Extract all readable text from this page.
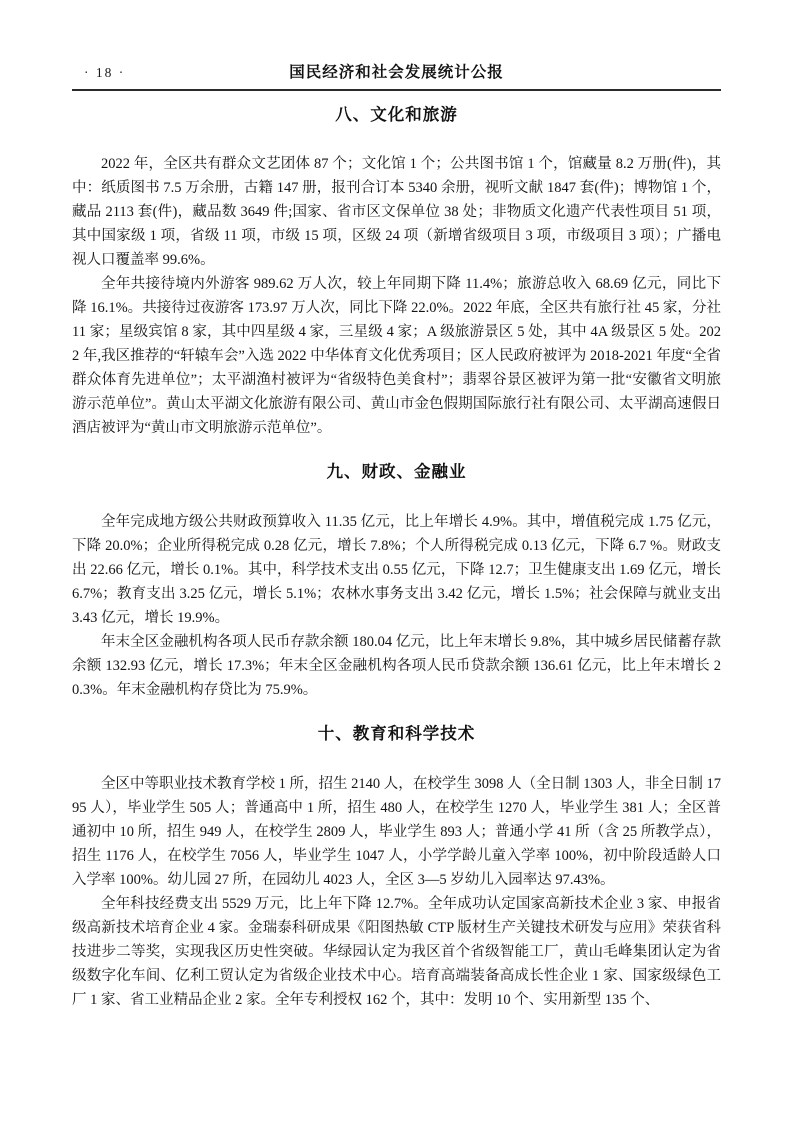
· 18 ·	国民经济和社会发展统计公报
八、文化和旅游

2022 年，全区共有群众文艺团体 87 个；文化馆 1 个；公共图书馆 1 个，馆藏量 8.2 万册(件)，其中：纸质图书 7.5 万余册，古籍 147 册，报刊合订本 5340 余册，视听文献 1847 套(件)；博物馆 1 个，藏品 2113 套(件)，藏品数 3649 件;国家、省市区文保单位 38 处；非物质文化遗产代表性项目 51 项，其中国家级 1 项，省级 11 项，市级 15 项，区级 24 项（新增省级项目 3 项，市级项目 3 项）；广播电视人口覆盖率 99.6%。

全年共接待境内外游客 989.62 万人次，较上年同期下降 11.4%；旅游总收入 68.69 亿元，同比下降 16.1%。共接待过夜游客 173.97 万人次，同比下降 22.0%。2022 年底，全区共有旅行社 45 家，分社 11 家；星级宾馆 8 家，其中四星级 4 家，三星级 4 家；A 级旅游景区 5 处，其中 4A 级景区 5 处。2022 年,我区推荐的“轩辕车会”入选 2022 中华体育文化优秀项目；区人民政府被评为 2018-2021 年度“全省群众体育先进单位”；太平湖渔村被评为“省级特色美食村”；翡翠谷景区被评为第一批“安徽省文明旅游示范单位”。黄山太平湖文化旅游有限公司、黄山市金色假期国际旅行社有限公司、太平湖高速假日酒店被评为“黄山市文明旅游示范单位”。

九、财政、金融业

全年完成地方级公共财政预算收入 11.35 亿元，比上年增长 4.9%。其中，增值税完成 1.75 亿元，下降 20.0%；企业所得税完成 0.28 亿元，增长 7.8%；个人所得税完成 0.13 亿元，下降 6.7 %。财政支出 22.66 亿元，增长 0.1%。其中，科学技术支出 0.55 亿元，下降 12.7；卫生健康支出 1.69 亿元，增长 6.7%；教育支出 3.25 亿元，增长 5.1%；农林水事务支出 3.42 亿元，增长 1.5%；社会保障与就业支出 3.43 亿元，增长 19.9%。

年末全区金融机构各项人民币存款余额 180.04 亿元，比上年末增长 9.8%，其中城乡居民储蓄存款余额 132.93 亿元，增长 17.3%；年末全区金融机构各项人民币贷款余额 136.61 亿元，比上年末增长 20.3%。年末金融机构存贷比为 75.9%。

十、教育和科学技术

全区中等职业技术教育学校 1 所，招生 2140 人，在校学生 3098 人（全日制 1303 人，非全日制 1795 人），毕业学生 505 人；普通高中 1 所，招生 480 人，在校学生 1270 人，毕业学生 381 人；全区普通初中 10 所，招生 949 人，在校学生 2809 人，毕业学生 893 人；普通小学 41 所（含 25 所教学点），招生 1176 人，在校学生 7056 人，毕业学生 1047 人，小学学龄儿童入学率 100%，初中阶段适龄人口入学率 100%。幼儿园 27 所，在园幼儿 4023 人，全区 3—5 岁幼儿入园率达 97.43%。

全年科技经费支出 5529 万元，比上年下降 12.7%。全年成功认定国家高新技术企业 3 家、申报省级高新技术培育企业 4 家。金瑞泰科研成果《阳图热敏 CTP 版材生产关键技术研发与应用》荣获省科技进步二等奖，实现我区历史性突破。华绿园认定为我区首个省级智能工厂，黄山毛峰集团认定为省级数字化车间、亿利工贸认定为省级企业技术中心。培育高端装备高成长性企业 1 家、国家级绿色工厂 1 家、省工业精品企业 2 家。全年专利授权 162 个，其中：发明 10 个、实用新型 135 个、
